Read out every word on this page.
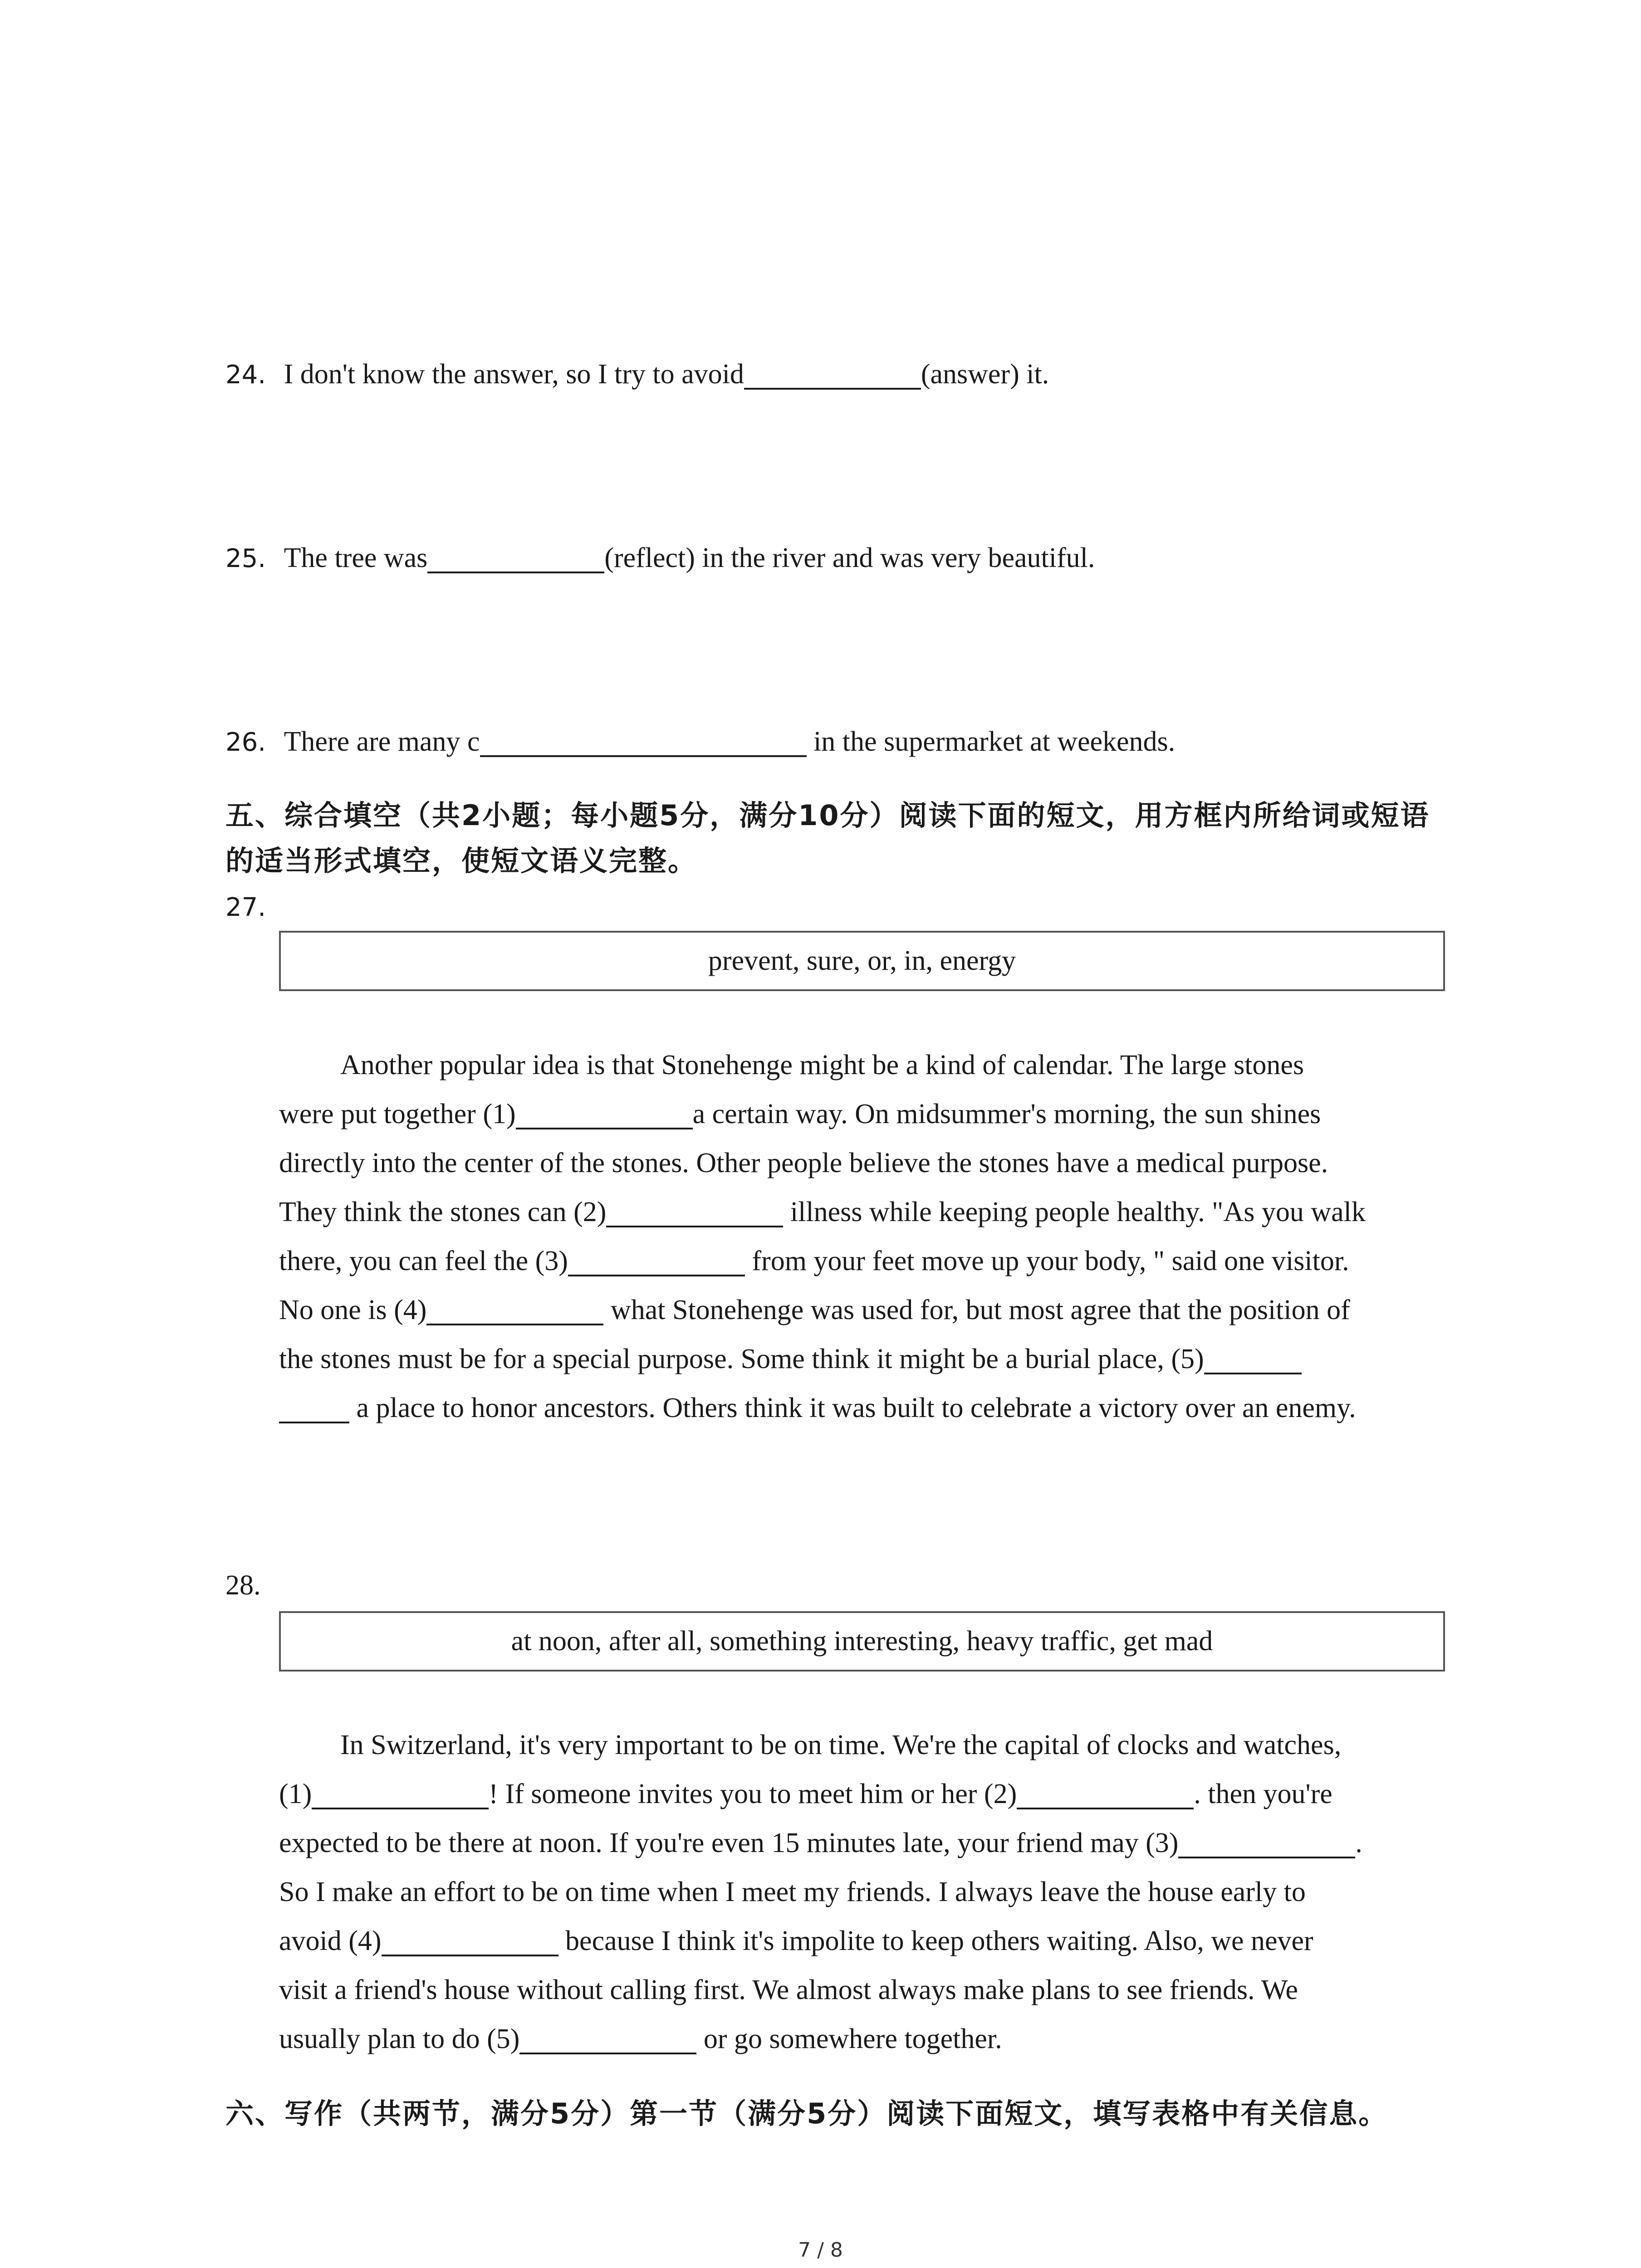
24. I don't know the answer, so I try to avoid	(answer) it.
25. The tree was	(reflect) in the river and was very beautiful.
26. There are many c	in the supermarket at weekends.
五、综合填空（共2小题；每小题5分，满分10分）阅读下面的短文，用方框内所给词或短语
的适当形式填空，使短文语义完整。
27.
prevent, sure, or, in, energy
Another popular idea is that Stonehenge might be a kind of calendar. The large stones
were put together (1)	a certain way. On midsummer's morning, the sun shines
directly into the center of the stones. Other people believe the stones have a medical purpose.
They think the stones can (2)	illness while keeping people healthy. "As you walk
there, you can feel the (3)	from your feet move up your body, " said one visitor.
No one is (4)	what Stonehenge was used for, but most agree that the position of
the stones must be for a special purpose. Some think it might be a burial place, (5)
a place to honor ancestors. Others think it was built to celebrate a victory over an enemy.
28.
at noon, after all, something interesting, heavy traffic, get mad
In Switzerland, it's very important to be on time. We're the capital of clocks and watches,
(1)	! If someone invites you to meet him or her (2)	. then you're
expected to be there at noon. If you're even 15 minutes late, your friend may (3)	.
So I make an effort to be on time when I meet my friends. I always leave the house early to
avoid (4)	because I think it's impolite to keep others waiting. Also, we never
visit a friend's house without calling first. We almost always make plans to see friends. We
usually plan to do (5)	or go somewhere together.
六、写作（共两节，满分5分）第一节（满分5分）阅读下面短文，填写表格中有关信息。
7 / 8
